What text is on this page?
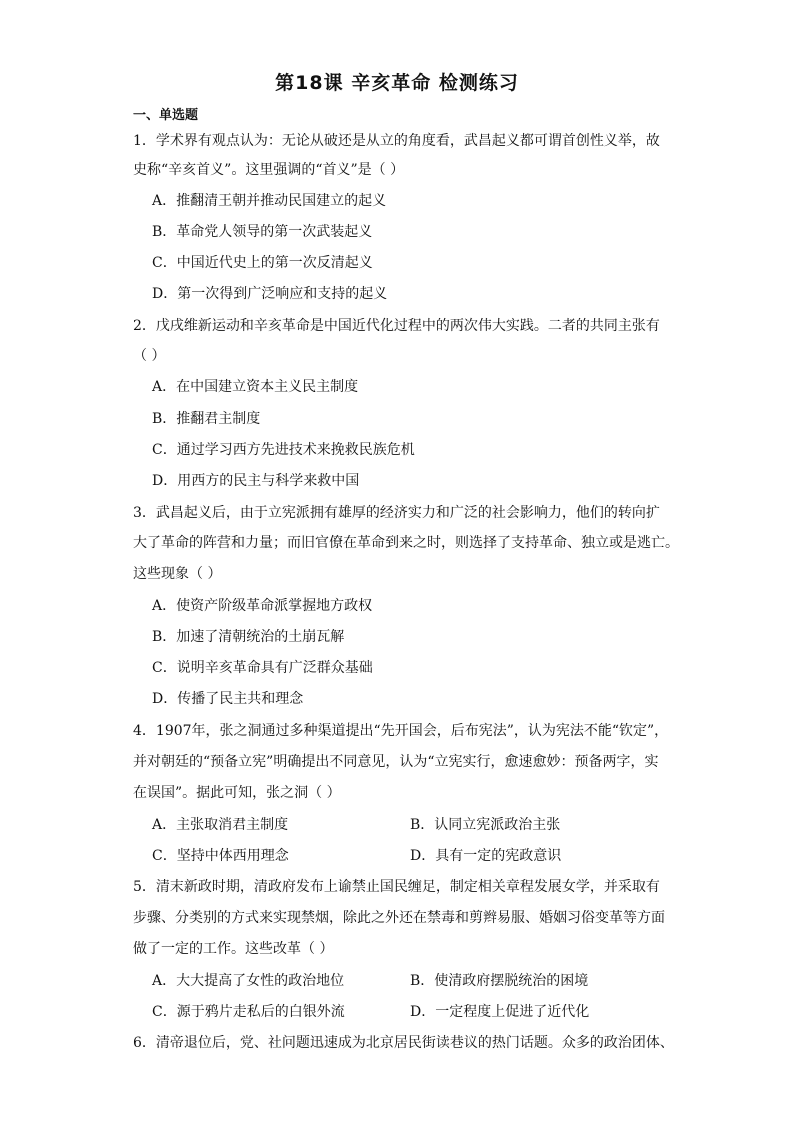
第18课 辛亥革命 检测练习
一、单选题
1．学术界有观点认为：无论从破还是从立的角度看，武昌起义都可谓首创性义举，故
史称“辛亥首义”。这里强调的“首义”是（ ）
A．推翻清王朝并推动民国建立的起义
B．革命党人领导的第一次武装起义
C．中国近代史上的第一次反清起义
D．第一次得到广泛响应和支持的起义
2．戊戌维新运动和辛亥革命是中国近代化过程中的两次伟大实践。二者的共同主张有
（ ）
A．在中国建立资本主义民主制度
B．推翻君主制度
C．通过学习西方先进技术来挽救民族危机
D．用西方的民主与科学来救中国
3．武昌起义后，由于立宪派拥有雄厚的经济实力和广泛的社会影响力，他们的转向扩
大了革命的阵营和力量；而旧官僚在革命到来之时，则选择了支持革命、独立或是逃亡。
这些现象（ ）
A．使资产阶级革命派掌握地方政权
B．加速了清朝统治的土崩瓦解
C．说明辛亥革命具有广泛群众基础
D．传播了民主共和理念
4．1907年，张之洞通过多种渠道提出“先开国会，后布宪法”，认为宪法不能“钦定”，
并对朝廷的“预备立宪”明确提出不同意见，认为“立宪实行，愈速愈妙：预备两字，实
在误国”。据此可知，张之洞（ ）
A．主张取消君主制度	B．认同立宪派政治主张
C．坚持中体西用理念	D．具有一定的宪政意识
5．清末新政时期，清政府发布上谕禁止国民缠足，制定相关章程发展女学，并采取有
步骤、分类别的方式来实现禁烟，除此之外还在禁毒和剪辫易服、婚姻习俗变革等方面
做了一定的工作。这些改革（ ）
A．大大提高了女性的政治地位	B．使清政府摆脱统治的困境
C．源于鸦片走私后的白银外流	D．一定程度上促进了近代化
6．清帝退位后，党、社问题迅速成为北京居民街读巷议的热门话题。众多的政治团体、
